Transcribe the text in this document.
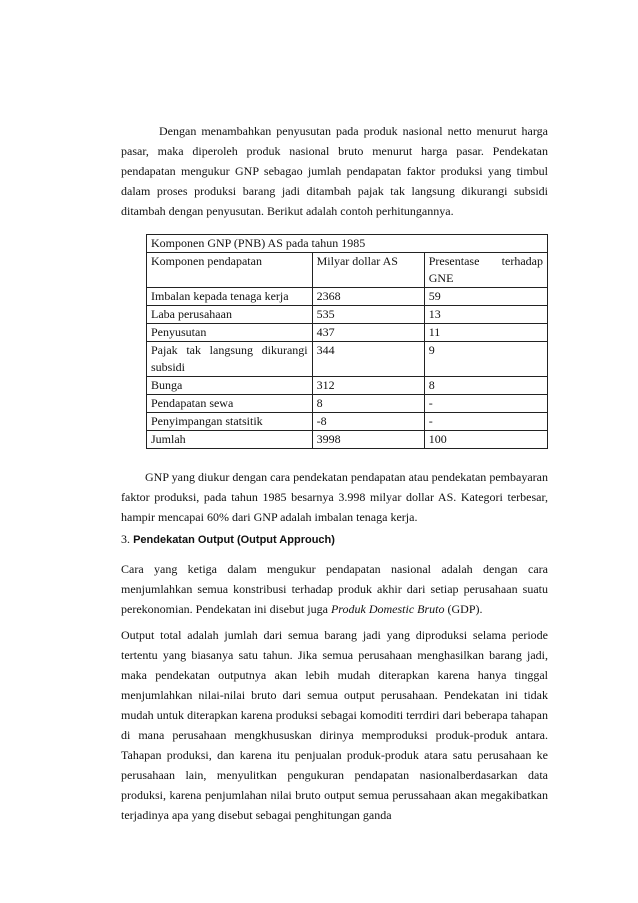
Dengan menambahkan penyusutan pada produk nasional netto menurut harga pasar, maka diperoleh produk nasional bruto menurut harga pasar. Pendekatan pendapatan mengukur GNP sebagao jumlah pendapatan faktor produksi yang timbul dalam proses produksi barang jadi ditambah pajak tak langsung dikurangi subsidi ditambah dengan penyusutan. Berikut adalah contoh perhitungannya.

Komponen GNP (PNB) AS pada tahun 1985		
Komponen pendapatan	Milyar dollar AS	Presentase terhadap GNE
Imbalan kepada tenaga kerja	2368	59
Laba perusahaan	535	13
Penyusutan	437	11
Pajak tak langsung dikurangi subsidi	344	9
Bunga	312	8
Pendapatan sewa	8	-
Penyimpangan statsitik	-8	-
Jumlah	3998	100

GNP yang diukur dengan cara pendekatan pendapatan atau pendekatan pembayaran faktor produksi, pada tahun 1985 besarnya 3.998 milyar dollar AS. Kategori terbesar, hampir mencapai 60% dari GNP adalah imbalan tenaga kerja.

3. Pendekatan Output (Output Approuch)

Cara yang ketiga dalam mengukur pendapatan nasional adalah dengan cara menjumlahkan semua konstribusi terhadap produk akhir dari setiap perusahaan suatu perekonomian. Pendekatan ini disebut juga Produk Domestic Bruto (GDP).

Output total adalah jumlah dari semua barang jadi yang diproduksi selama periode tertentu yang biasanya satu tahun. Jika semua perusahaan menghasilkan barang jadi, maka pendekatan outputnya akan lebih mudah diterapkan karena hanya tinggal menjumlahkan nilai-nilai bruto dari semua output perusahaan. Pendekatan ini tidak mudah untuk diterapkan karena produksi sebagai komoditi terrdiri dari beberapa tahapan di mana perusahaan mengkhususkan dirinya memproduksi produk-produk antara. Tahapan produksi, dan karena itu penjualan produk-produk atara satu perusahaan ke perusahaan lain, menyulitkan pengukuran pendapatan nasionalberdasarkan data produksi, karena penjumlahan nilai bruto output semua perussahaan akan megakibatkan terjadinya apa yang disebut sebagai penghitungan ganda
